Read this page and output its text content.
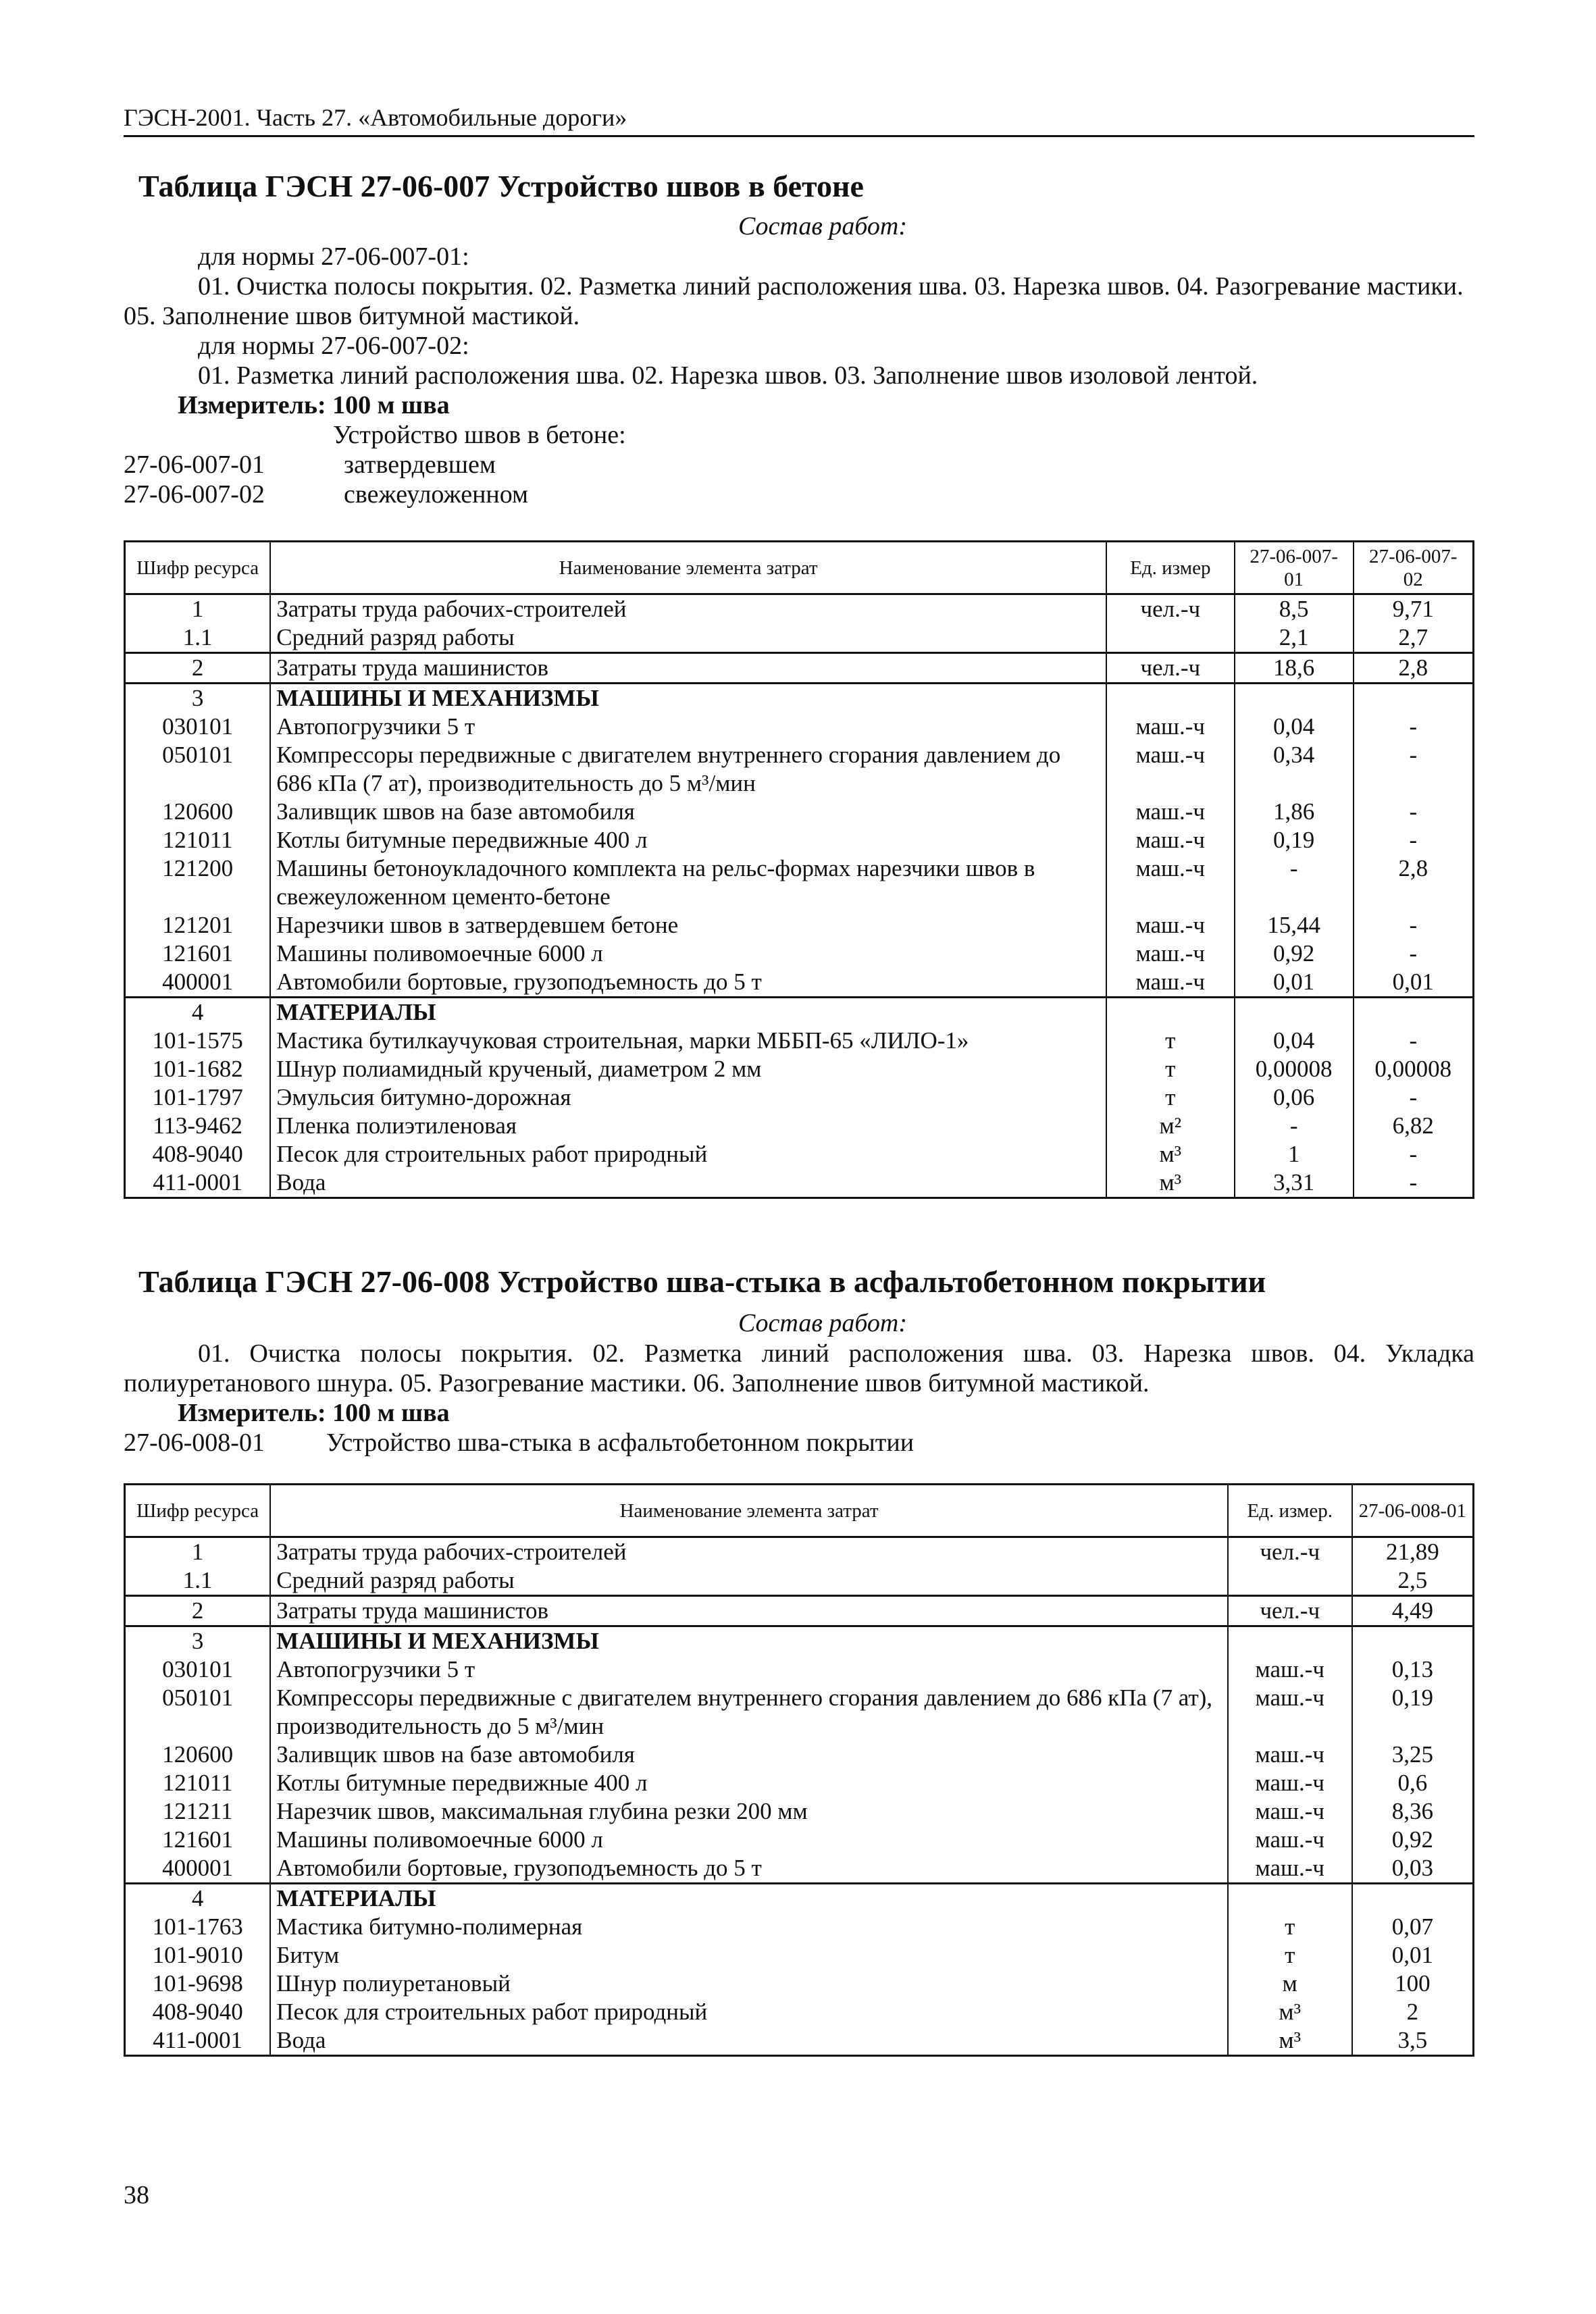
ГЭСН-2001. Часть 27. «Автомобильные дороги»
Таблица ГЭСН 27-06-007 Устройство швов в бетоне
Состав работ:
для нормы 27-06-007-01:
01. Очистка полосы покрытия. 02. Разметка линий расположения шва. 03. Нарезка швов. 04. Разогревание мастики. 05. Заполнение швов битумной мастикой.
для нормы 27-06-007-02:
01. Разметка линий расположения шва. 02. Нарезка швов. 03. Заполнение швов изоловой лентой.
Измеритель: 100 м шва
Устройство швов в бетоне:
27-06-007-01	затвердевшем
27-06-007-02	свежеуложенном
Шифр ресурса	Наименование элемента затрат	Ед. измер	27-06-007-01	27-06-007-02
1	Затраты труда рабочих-строителей	чел.-ч	8,5	9,71
1.1	Средний разряд работы		2,1	2,7
2	Затраты труда машинистов	чел.-ч	18,6	2,8
3	МАШИНЫ И МЕХАНИЗМЫ			
030101	Автопогрузчики 5 т	маш.-ч	0,04	-
050101	Компрессоры передвижные с двигателем внутреннего сгорания давлением до 686 кПа (7 ат), производительность до 5 м³/мин	маш.-ч	0,34	-
120600	Заливщик швов на базе автомобиля	маш.-ч	1,86	-
121011	Котлы битумные передвижные 400 л	маш.-ч	0,19	-
121200	Машины бетоноукладочного комплекта на рельс-формах нарезчики швов в свежеуложенном цементо-бетоне	маш.-ч	-	2,8
121201	Нарезчики швов в затвердевшем бетоне	маш.-ч	15,44	-
121601	Машины поливомоечные 6000 л	маш.-ч	0,92	-
400001	Автомобили бортовые, грузоподъемность до 5 т	маш.-ч	0,01	0,01
4	МАТЕРИАЛЫ			
101-1575	Мастика бутилкаучуковая строительная, марки МББП-65 «ЛИЛО-1»	т	0,04	-
101-1682	Шнур полиамидный крученый, диаметром 2 мм	т	0,00008	0,00008
101-1797	Эмульсия битумно-дорожная	т	0,06	-
113-9462	Пленка полиэтиленовая	м²	-	6,82
408-9040	Песок для строительных работ природный	м³	1	-
411-0001	Вода	м³	3,31	-
Таблица ГЭСН 27-06-008 Устройство шва-стыка в асфальтобетонном покрытии
Состав работ:
01. Очистка полосы покрытия. 02. Разметка линий расположения шва. 03. Нарезка швов. 04. Укладка полиуретанового шнура. 05. Разогревание мастики. 06. Заполнение швов битумной мастикой.
Измеритель: 100 м шва
27-06-008-01 Устройство шва-стыка в асфальтобетонном покрытии
Шифр ресурса	Наименование элемента затрат	Ед. измер.	27-06-008-01
1	Затраты труда рабочих-строителей	чел.-ч	21,89
1.1	Средний разряд работы		2,5
2	Затраты труда машинистов	чел.-ч	4,49
3	МАШИНЫ И МЕХАНИЗМЫ		
030101	Автопогрузчики 5 т	маш.-ч	0,13
050101	Компрессоры передвижные с двигателем внутреннего сгорания давлением до 686 кПа (7 ат), производительность до 5 м³/мин	маш.-ч	0,19
120600	Заливщик швов на базе автомобиля	маш.-ч	3,25
121011	Котлы битумные передвижные 400 л	маш.-ч	0,6
121211	Нарезчик швов, максимальная глубина резки 200 мм	маш.-ч	8,36
121601	Машины поливомоечные 6000 л	маш.-ч	0,92
400001	Автомобили бортовые, грузоподъемность до 5 т	маш.-ч	0,03
4	МАТЕРИАЛЫ		
101-1763	Мастика битумно-полимерная	т	0,07
101-9010	Битум	т	0,01
101-9698	Шнур полиуретановый	м	100
408-9040	Песок для строительных работ природный	м³	2
411-0001	Вода	м³	3,5
38
